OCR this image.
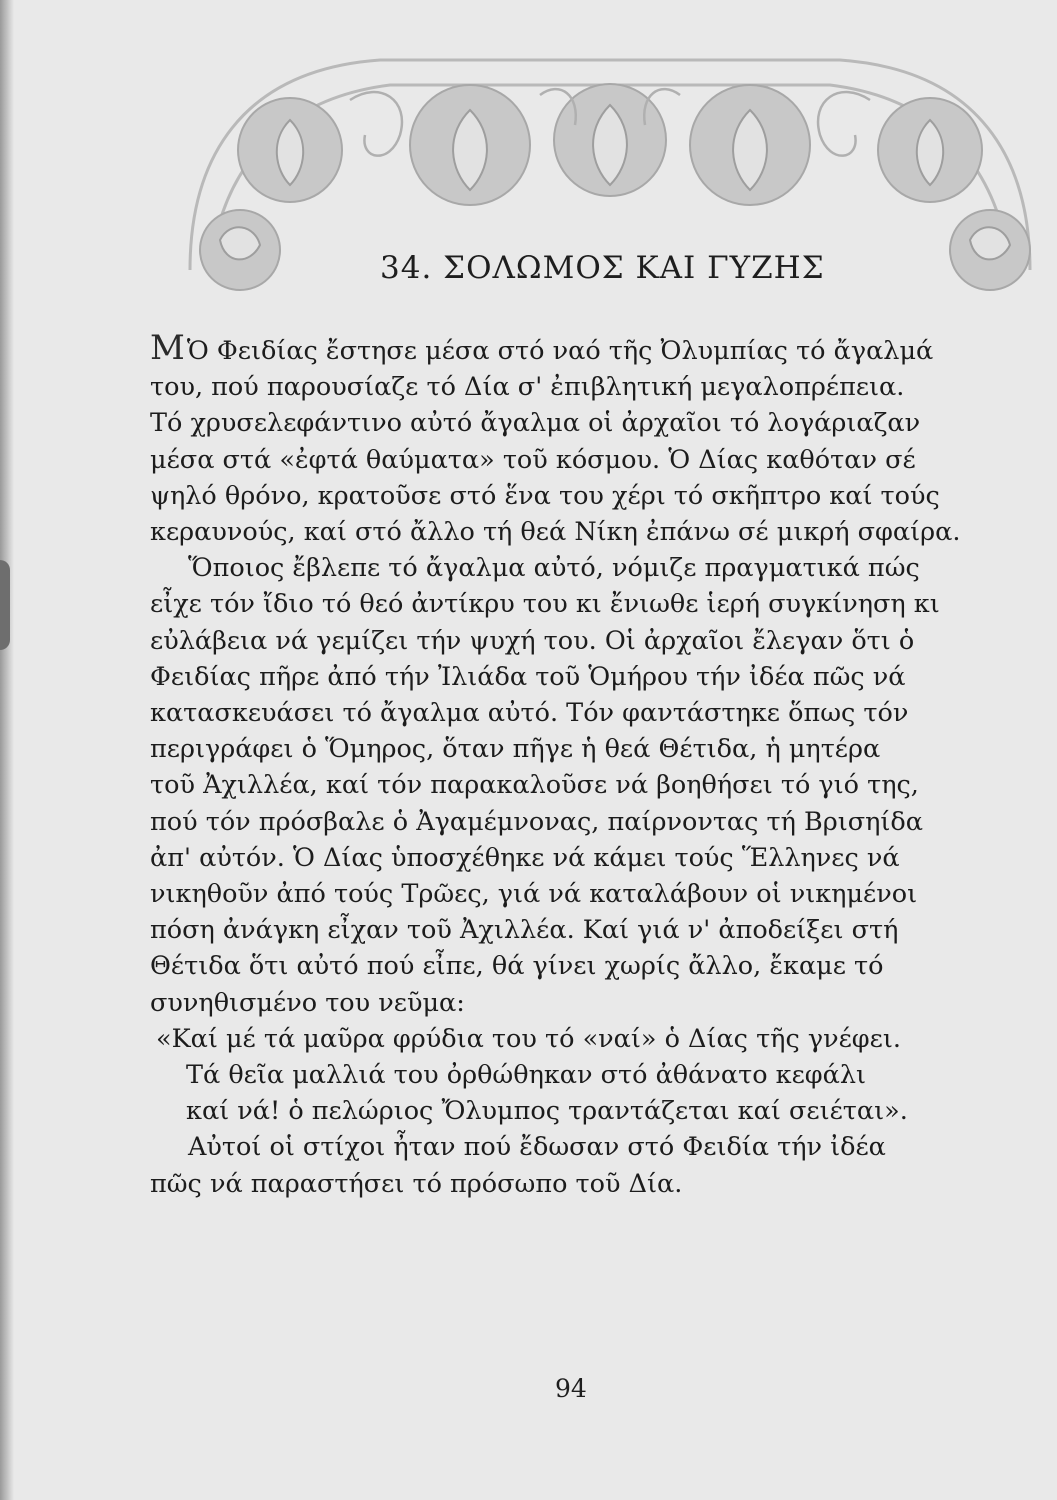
34. ΣΟΛΩΜΟΣ ΚΑΙ ΓΥΖΗΣ
ΜὉ Φειδίας ἔστησε μέσα στό ναό τῆς Ὀλυμπίας τό ἄγαλμά
του, πού παρουσίαζε τό Δία σ' ἐπιβλητική μεγαλοπρέπεια.
Τό χρυσελεφάντινο αὐτό ἄγαλμα οἱ ἀρχαῖοι τό λογάριαζαν
μέσα στά «ἐφτά θαύματα» τοῦ κόσμου. Ὁ Δίας καθόταν σέ
ψηλό θρόνο, κρατοῦσε στό ἕνα του χέρι τό σκῆπτρο καί τούς
κεραυνούς, καί στό ἄλλο τή θεά Νίκη ἐπάνω σέ μικρή σφαίρα.
Ὅποιος ἔβλεπε τό ἄγαλμα αὐτό, νόμιζε πραγματικά πώς
εἶχε τόν ἴδιο τό θεό ἀντίκρυ του κι ἔνιωθε ἱερή συγκίνηση κι
εὐλάβεια νά γεμίζει τήν ψυχή του. Οἱ ἀρχαῖοι ἔλεγαν ὅτι ὁ
Φειδίας πῆρε ἀπό τήν Ἰλιάδα τοῦ Ὁμήρου τήν ἰδέα πῶς νά
κατασκευάσει τό ἄγαλμα αὐτό. Τόν φαντάστηκε ὅπως τόν
περιγράφει ὁ Ὅμηρος, ὅταν πῆγε ἡ θεά Θέτιδα, ἡ μητέρα
τοῦ Ἀχιλλέα, καί τόν παρακαλοῦσε νά βοηθήσει τό γιό της,
πού τόν πρόσβαλε ὁ Ἀγαμέμνονας, παίρνοντας τή Βρισηίδα
ἀπ' αὐτόν. Ὁ Δίας ὑποσχέθηκε νά κάμει τούς Ἕλληνες νά
νικηθοῦν ἀπό τούς Τρῶες, γιά νά καταλάβουν οἱ νικημένοι
πόση ἀνάγκη εἶχαν τοῦ Ἀχιλλέα. Καί γιά ν' ἀποδείξει στή
Θέτιδα ὅτι αὐτό πού εἶπε, θά γίνει χωρίς ἄλλο, ἔκαμε τό
συνηθισμένο του νεῦμα:
«Καί μέ τά μαῦρα φρύδια του τό «ναί» ὁ Δίας τῆς γνέφει.
Τά θεῖα μαλλιά του ὀρθώθηκαν στό ἀθάνατο κεφάλι
καί νά! ὁ πελώριος Ὄλυμπος τραντάζεται καί σειέται».
Αὐτοί οἱ στίχοι ἦταν πού ἔδωσαν στό Φειδία τήν ἰδέα
πῶς νά παραστήσει τό πρόσωπο τοῦ Δία.
94
